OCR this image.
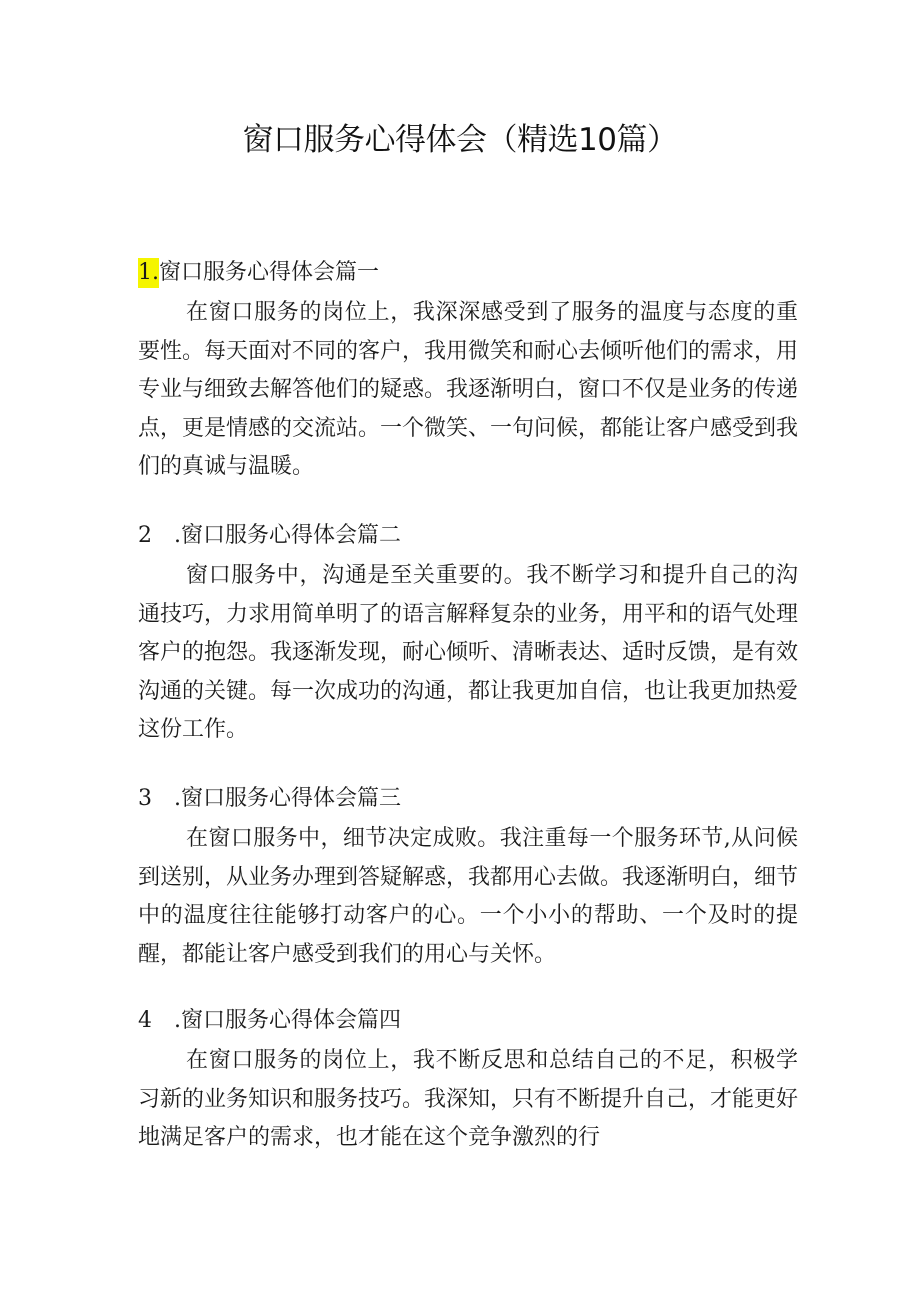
窗口服务心得体会（精选10篇）
1.窗口服务心得体会篇一

在窗口服务的岗位上，我深深感受到了服务的温度与态度的重要性。每天面对不同的客户，我用微笑和耐心去倾听他们的需求，用专业与细致去解答他们的疑惑。我逐渐明白，窗口不仅是业务的传递点，更是情感的交流站。一个微笑、一句问候，都能让客户感受到我们的真诚与温暖。

2 .窗口服务心得体会篇二

窗口服务中，沟通是至关重要的。我不断学习和提升自己的沟通技巧，力求用简单明了的语言解释复杂的业务，用平和的语气处理客户的抱怨。我逐渐发现，耐心倾听、清晰表达、适时反馈，是有效沟通的关键。每一次成功的沟通，都让我更加自信，也让我更加热爱这份工作。

3 .窗口服务心得体会篇三

在窗口服务中，细节决定成败。我注重每一个服务环节,从问候到送别，从业务办理到答疑解惑，我都用心去做。我逐渐明白，细节中的温度往往能够打动客户的心。一个小小的帮助、一个及时的提醒，都能让客户感受到我们的用心与关怀。

4 .窗口服务心得体会篇四

在窗口服务的岗位上，我不断反思和总结自己的不足，积极学习新的业务知识和服务技巧。我深知，只有不断提升自己，才能更好地满足客户的需求，也才能在这个竞争激烈的行
